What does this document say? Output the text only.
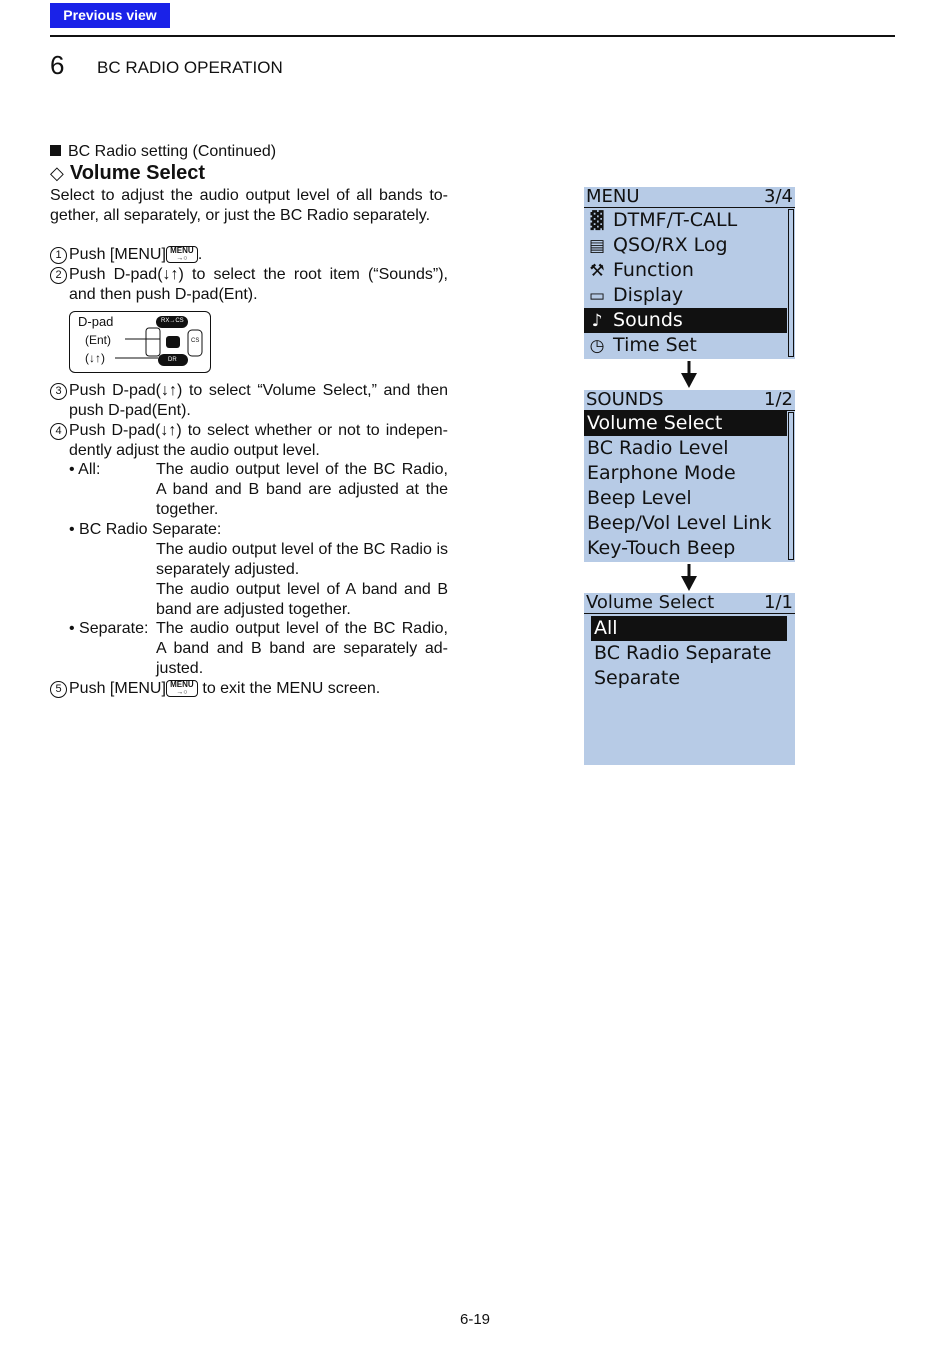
Previous view
6 BC RADIO OPERATION
BC Radio setting (Continued)
◇ Volume Select
Select to adjust the audio output level of all bands to-
gether, all separately, or just the BC Radio separately.
1 Push [MENU] MENU
→○ .
2 Push D-pad(↓↑) to select the root item (“Sounds”),
and then push D-pad(Ent).
D-pad
(Ent)
(↓↑)
RX→CS
DR
CS
3 Push D-pad(↓↑) to select “Volume Select,” and then
push D-pad(Ent).
4 Push D-pad(↓↑) to select whether or not to indepen-
dently adjust the audio output level.
• All:	The audio output level of the BC Radio,
A band and B band are adjusted at the
together.
• BC Radio Separate:
The audio output level of the BC Radio is
separately adjusted.
The audio output level of A band and B
band are adjusted together.
• Separate: The audio output level of the BC Radio,
A band and B band are separately ad-
justed.
5 Push [MENU] MENU
→○ to exit the MENU screen.
MENU	3/4
▓ DTMF/T-CALL
▤ QSO/RX Log
⚒ Function
▭ Display
♪ Sounds
◷ Time Set
SOUNDS	1/2
Volume Select
BC Radio Level
Earphone Mode
Beep Level
Beep/Vol Level Link
Key-Touch Beep
Volume Select	1/1
All
BC Radio Separate
Separate
6-19
